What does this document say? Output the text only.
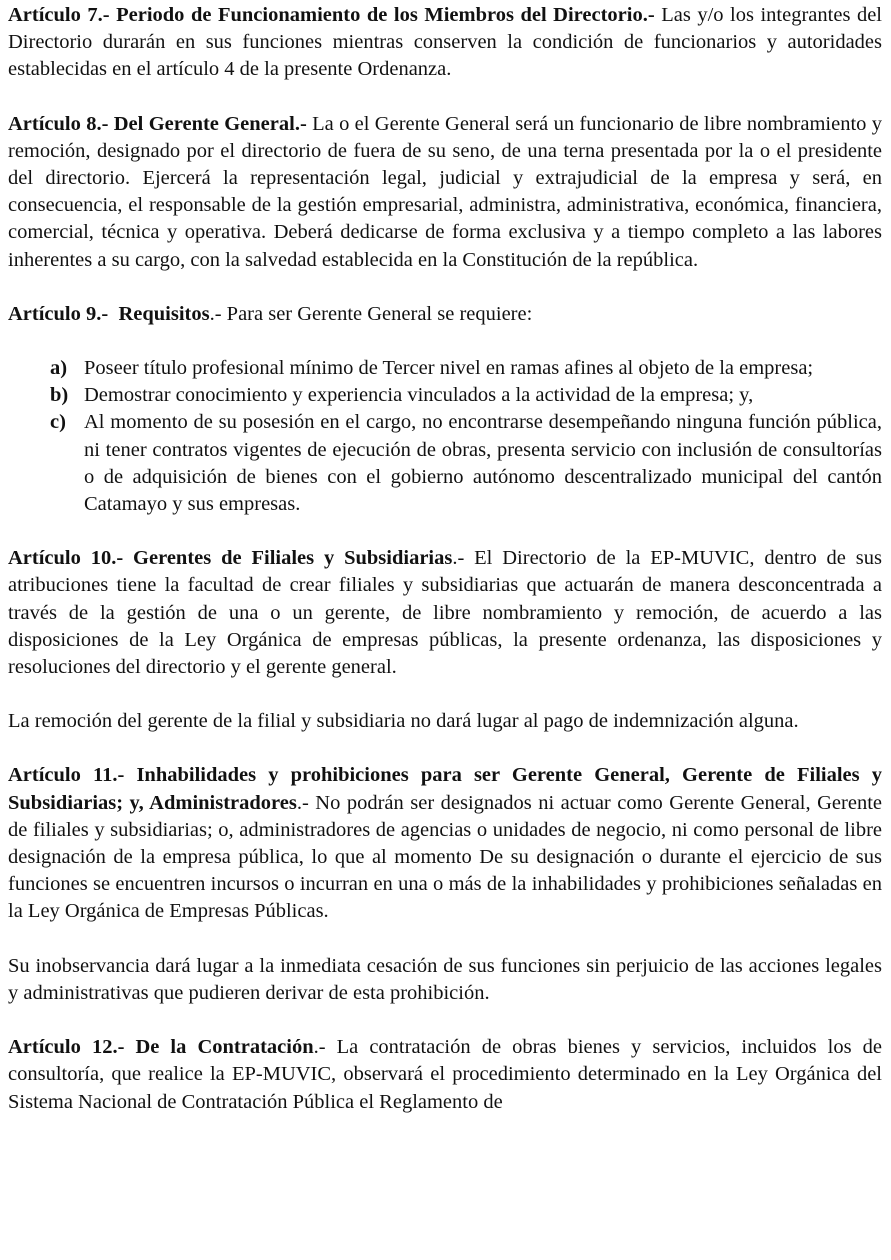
Artículo 7.- Periodo de Funcionamiento de los Miembros del Directorio.- Las y/o los integrantes del Directorio durarán en sus funciones mientras conserven la condición de funcionarios y autoridades establecidas en el artículo 4 de la presente Ordenanza.

Artículo 8.- Del Gerente General.- La o el Gerente General será un funcionario de libre nombramiento y remoción, designado por el directorio de fuera de su seno, de una terna presentada por la o el presidente del directorio. Ejercerá la representación legal, judicial y extrajudicial de la empresa y será, en consecuencia, el responsable de la gestión empresarial, administra, administrativa, económica, financiera, comercial, técnica y operativa. Deberá dedicarse de forma exclusiva y a tiempo completo a las labores inherentes a su cargo, con la salvedad establecida en la Constitución de la república.

Artículo 9.- Requisitos.- Para ser Gerente General se requiere:

a) Poseer título profesional mínimo de Tercer nivel en ramas afines al objeto de la empresa;
b) Demostrar conocimiento y experiencia vinculados a la actividad de la empresa; y,
c) Al momento de su posesión en el cargo, no encontrarse desempeñando ninguna función pública, ni tener contratos vigentes de ejecución de obras, presenta servicio con inclusión de consultorías o de adquisición de bienes con el gobierno autónomo descentralizado municipal del cantón Catamayo y sus empresas.

Artículo 10.- Gerentes de Filiales y Subsidiarias.- El Directorio de la EP-MUVIC, dentro de sus atribuciones tiene la facultad de crear filiales y subsidiarias que actuarán de manera desconcentrada a través de la gestión de una o un gerente, de libre nombramiento y remoción, de acuerdo a las disposiciones de la Ley Orgánica de empresas públicas, la presente ordenanza, las disposiciones y resoluciones del directorio y el gerente general.

La remoción del gerente de la filial y subsidiaria no dará lugar al pago de indemnización alguna.

Artículo 11.- Inhabilidades y prohibiciones para ser Gerente General, Gerente de Filiales y Subsidiarias; y, Administradores.- No podrán ser designados ni actuar como Gerente General, Gerente de filiales y subsidiarias; o, administradores de agencias o unidades de negocio, ni como personal de libre designación de la empresa pública, lo que al momento De su designación o durante el ejercicio de sus funciones se encuentren incursos o incurran en una o más de la inhabilidades y prohibiciones señaladas en la Ley Orgánica de Empresas Públicas.

Su inobservancia dará lugar a la inmediata cesación de sus funciones sin perjuicio de las acciones legales y administrativas que pudieren derivar de esta prohibición.

Artículo 12.- De la Contratación.- La contratación de obras bienes y servicios, incluidos los de consultoría, que realice la EP-MUVIC, observará el procedimiento determinado en la Ley Orgánica del Sistema Nacional de Contratación Pública el Reglamento de
